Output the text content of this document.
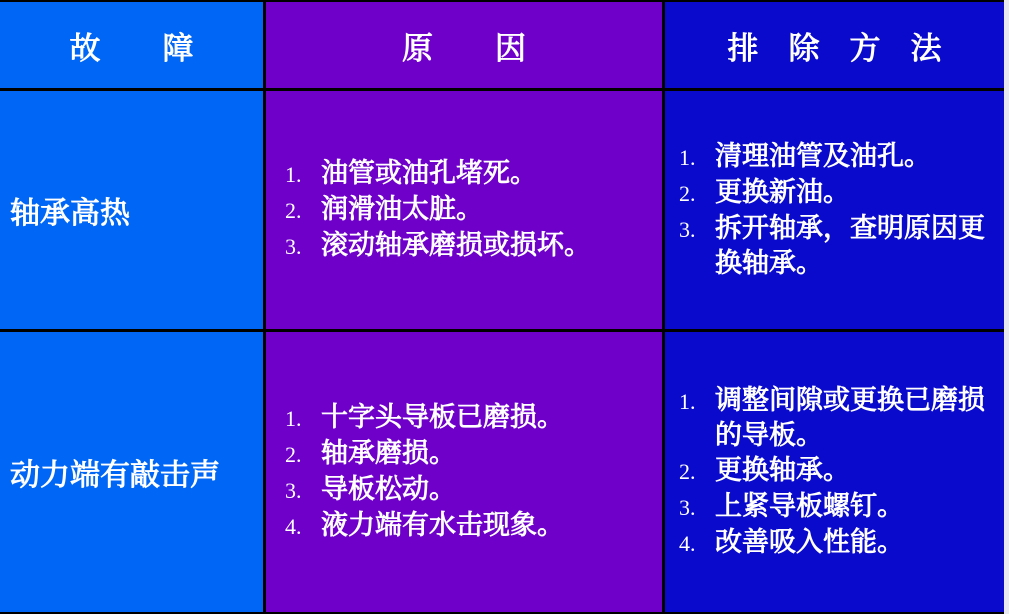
故障	原因	排除方法
轴承高热
1. 油管或油孔堵死。
2. 润滑油太脏。
3. 滚动轴承磨损或损坏。
1. 清理油管及油孔。
2. 更换新油。
3. 拆开轴承，查明原因更换轴承。
动力端有敲击声
1. 十字头导板已磨损。
2. 轴承磨损。
3. 导板松动。
4. 液力端有水击现象。
1. 调整间隙或更换已磨损的导板。
2. 更换轴承。
3. 上紧导板螺钉。
4. 改善吸入性能。
